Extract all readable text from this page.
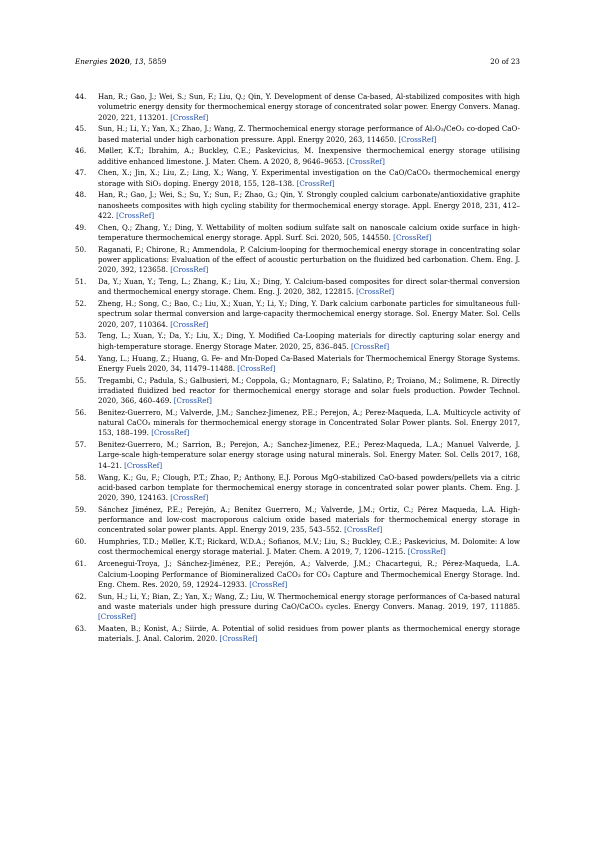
Energies 2020, 13, 5859	20 of 23
44.	Han, R.; Gao, J.; Wei, S.; Sun, F.; Liu, Q.; Qin, Y. Development of dense Ca-based, Al-stabilized composites with high volumetric energy density for thermochemical energy storage of concentrated solar power. Energy Convers. Manag. 2020, 221, 113201. [CrossRef]
45.	Sun, H.; Li, Y.; Yan, X.; Zhao, J.; Wang, Z. Thermochemical energy storage performance of Al₂O₃/CeO₂ co-doped CaO-based material under high carbonation pressure. Appl. Energy 2020, 263, 114650. [CrossRef]
46.	Møller, K.T.; Ibrahim, A.; Buckley, C.E.; Paskevicius, M. Inexpensive thermochemical energy storage utilising additive enhanced limestone. J. Mater. Chem. A 2020, 8, 9646–9653. [CrossRef]
47.	Chen, X.; Jin, X.; Liu, Z.; Ling, X.; Wang, Y. Experimental investigation on the CaO/CaCO₃ thermochemical energy storage with SiO₂ doping. Energy 2018, 155, 128–138. [CrossRef]
48.	Han, R.; Gao, J.; Wei, S.; Su, Y.; Sun, F.; Zhao, G.; Qin, Y. Strongly coupled calcium carbonate/antioxidative graphite nanosheets composites with high cycling stability for thermochemical energy storage. Appl. Energy 2018, 231, 412–422. [CrossRef]
49.	Chen, Q.; Zhang, Y.; Ding, Y. Wettability of molten sodium sulfate salt on nanoscale calcium oxide surface in high-temperature thermochemical energy storage. Appl. Surf. Sci. 2020, 505, 144550. [CrossRef]
50.	Raganati, F.; Chirone, R.; Ammendola, P. Calcium-looping for thermochemical energy storage in concentrating solar power applications: Evaluation of the effect of acoustic perturbation on the fluidized bed carbonation. Chem. Eng. J. 2020, 392, 123658. [CrossRef]
51.	Da, Y.; Xuan, Y.; Teng, L.; Zhang, K.; Liu, X.; Ding, Y. Calcium-based composites for direct solar-thermal conversion and thermochemical energy storage. Chem. Eng. J. 2020, 382, 122815. [CrossRef]
52.	Zheng, H.; Song, C.; Bao, C.; Liu, X.; Xuan, Y.; Li, Y.; Ding, Y. Dark calcium carbonate particles for simultaneous full-spectrum solar thermal conversion and large-capacity thermochemical energy storage. Sol. Energy Mater. Sol. Cells 2020, 207, 110364. [CrossRef]
53.	Teng, L.; Xuan, Y.; Da, Y.; Liu, X.; Ding, Y. Modified Ca-Looping materials for directly capturing solar energy and high-temperature storage. Energy Storage Mater. 2020, 25, 836–845. [CrossRef]
54.	Yang, L.; Huang, Z.; Huang, G. Fe- and Mn-Doped Ca-Based Materials for Thermochemical Energy Storage Systems. Energy Fuels 2020, 34, 11479–11488. [CrossRef]
55.	Tregambi, C.; Padula, S.; Galbusieri, M.; Coppola, G.; Montagnaro, F.; Salatino, P.; Troiano, M.; Solimene, R. Directly irradiated fluidized bed reactor for thermochemical energy storage and solar fuels production. Powder Technol. 2020, 366, 460–469. [CrossRef]
56.	Benitez-Guerrero, M.; Valverde, J.M.; Sanchez-Jimenez, P.E.; Perejon, A.; Perez-Maqueda, L.A. Multicycle activity of natural CaCO₃ minerals for thermochemical energy storage in Concentrated Solar Power plants. Sol. Energy 2017, 153, 188–199. [CrossRef]
57.	Benitez-Guerrero, M.; Sarrion, B.; Perejon, A.; Sanchez-Jimenez, P.E.; Perez-Maqueda, L.A.; Manuel Valverde, J. Large-scale high-temperature solar energy storage using natural minerals. Sol. Energy Mater. Sol. Cells 2017, 168, 14–21. [CrossRef]
58.	Wang, K.; Gu, F.; Clough, P.T.; Zhao, P.; Anthony, E.J. Porous MgO-stabilized CaO-based powders/pellets via a citric acid-based carbon template for thermochemical energy storage in concentrated solar power plants. Chem. Eng. J. 2020, 390, 124163. [CrossRef]
59.	Sánchez Jiménez, P.E.; Perejón, A.; Benítez Guerrero, M.; Valverde, J.M.; Ortiz, C.; Pérez Maqueda, L.A. High-performance and low-cost macroporous calcium oxide based materials for thermochemical energy storage in concentrated solar power plants. Appl. Energy 2019, 235, 543–552. [CrossRef]
60.	Humphries, T.D.; Møller, K.T.; Rickard, W.D.A.; Sofianos, M.V.; Liu, S.; Buckley, C.E.; Paskevicius, M. Dolomite: A low cost thermochemical energy storage material. J. Mater. Chem. A 2019, 7, 1206–1215. [CrossRef]
61.	Arcenegui-Troya, J.; Sánchez-Jiménez, P.E.; Perejón, A.; Valverde, J.M.; Chacartegui, R.; Pérez-Maqueda, L.A. Calcium-Looping Performance of Biomineralized CaCO₃ for CO₂ Capture and Thermochemical Energy Storage. Ind. Eng. Chem. Res. 2020, 59, 12924–12933. [CrossRef]
62.	Sun, H.; Li, Y.; Bian, Z.; Yan, X.; Wang, Z.; Liu, W. Thermochemical energy storage performances of Ca-based natural and waste materials under high pressure during CaO/CaCO₃ cycles. Energy Convers. Manag. 2019, 197, 111885. [CrossRef]
63.	Maaten, B.; Konist, A.; Siirde, A. Potential of solid residues from power plants as thermochemical energy storage materials. J. Anal. Calorim. 2020. [CrossRef]
